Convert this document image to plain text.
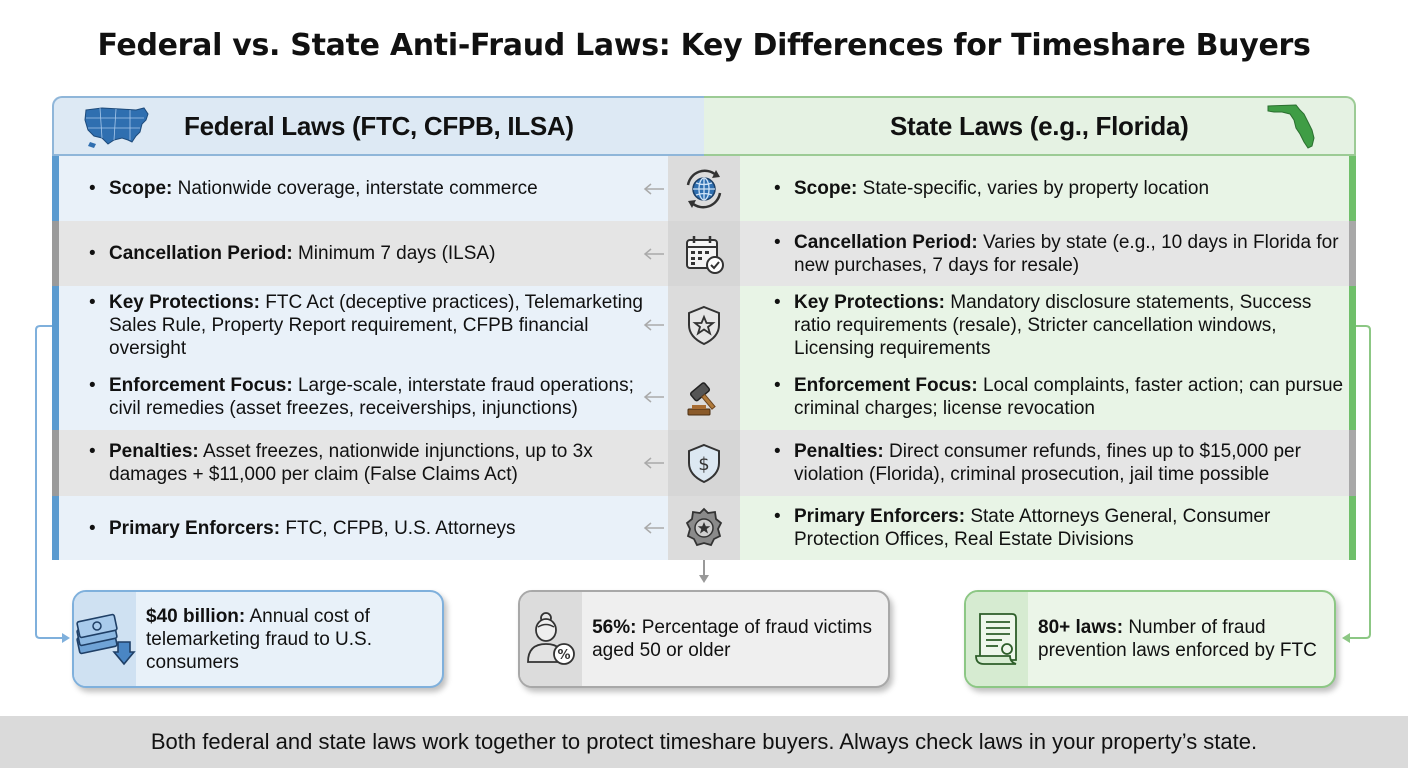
Federal vs. State Anti-Fraud Laws: Key Differences for Timeshare Buyers
Federal Laws (FTC, CFPB, ILSA)	State Laws (e.g., Florida)
• Scope: Nationwide coverage, interstate commerce
•	Scope: State-specific, varies by property location
• Cancellation Period: Minimum 7 days (ILSA)
• Cancellation Period: Varies by state (e.g., 10 days in Florida for new purchases, 7 days for resale)
• Key Protections: FTC Act (deceptive practices), Telemarketing Sales Rule, Property Report requirement, CFPB financial oversight
• Key Protections: Mandatory disclosure statements, Success ratio requirements (resale), Stricter cancellation windows, Licensing requirements
• Enforcement Focus: Large-scale, interstate fraud operations; civil remedies (asset freezes, receiverships, injunctions)
• Enforcement Focus: Local complaints, faster action; can pursue criminal charges; license revocation
• Penalties: Asset freezes, nationwide injunctions, up to 3x damages + $11,000 per claim (False Claims Act)	$
• Penalties: Direct consumer refunds, fines up to $15,000 per violation (Florida), criminal prosecution, jail time possible
• Primary Enforcers: FTC, CFPB, U.S. Attorneys
• Primary Enforcers: State Attorneys General, Consumer Protection Offices, Real Estate Divisions
$40 billion: Annual cost of telemarketing fraud to U.S. consumers	%
56%: Percentage of fraud victims aged 50 or older
80+ laws: Number of fraud prevention laws enforced by FTC
Both federal and state laws work together to protect timeshare buyers. Always check laws in your property’s state.
